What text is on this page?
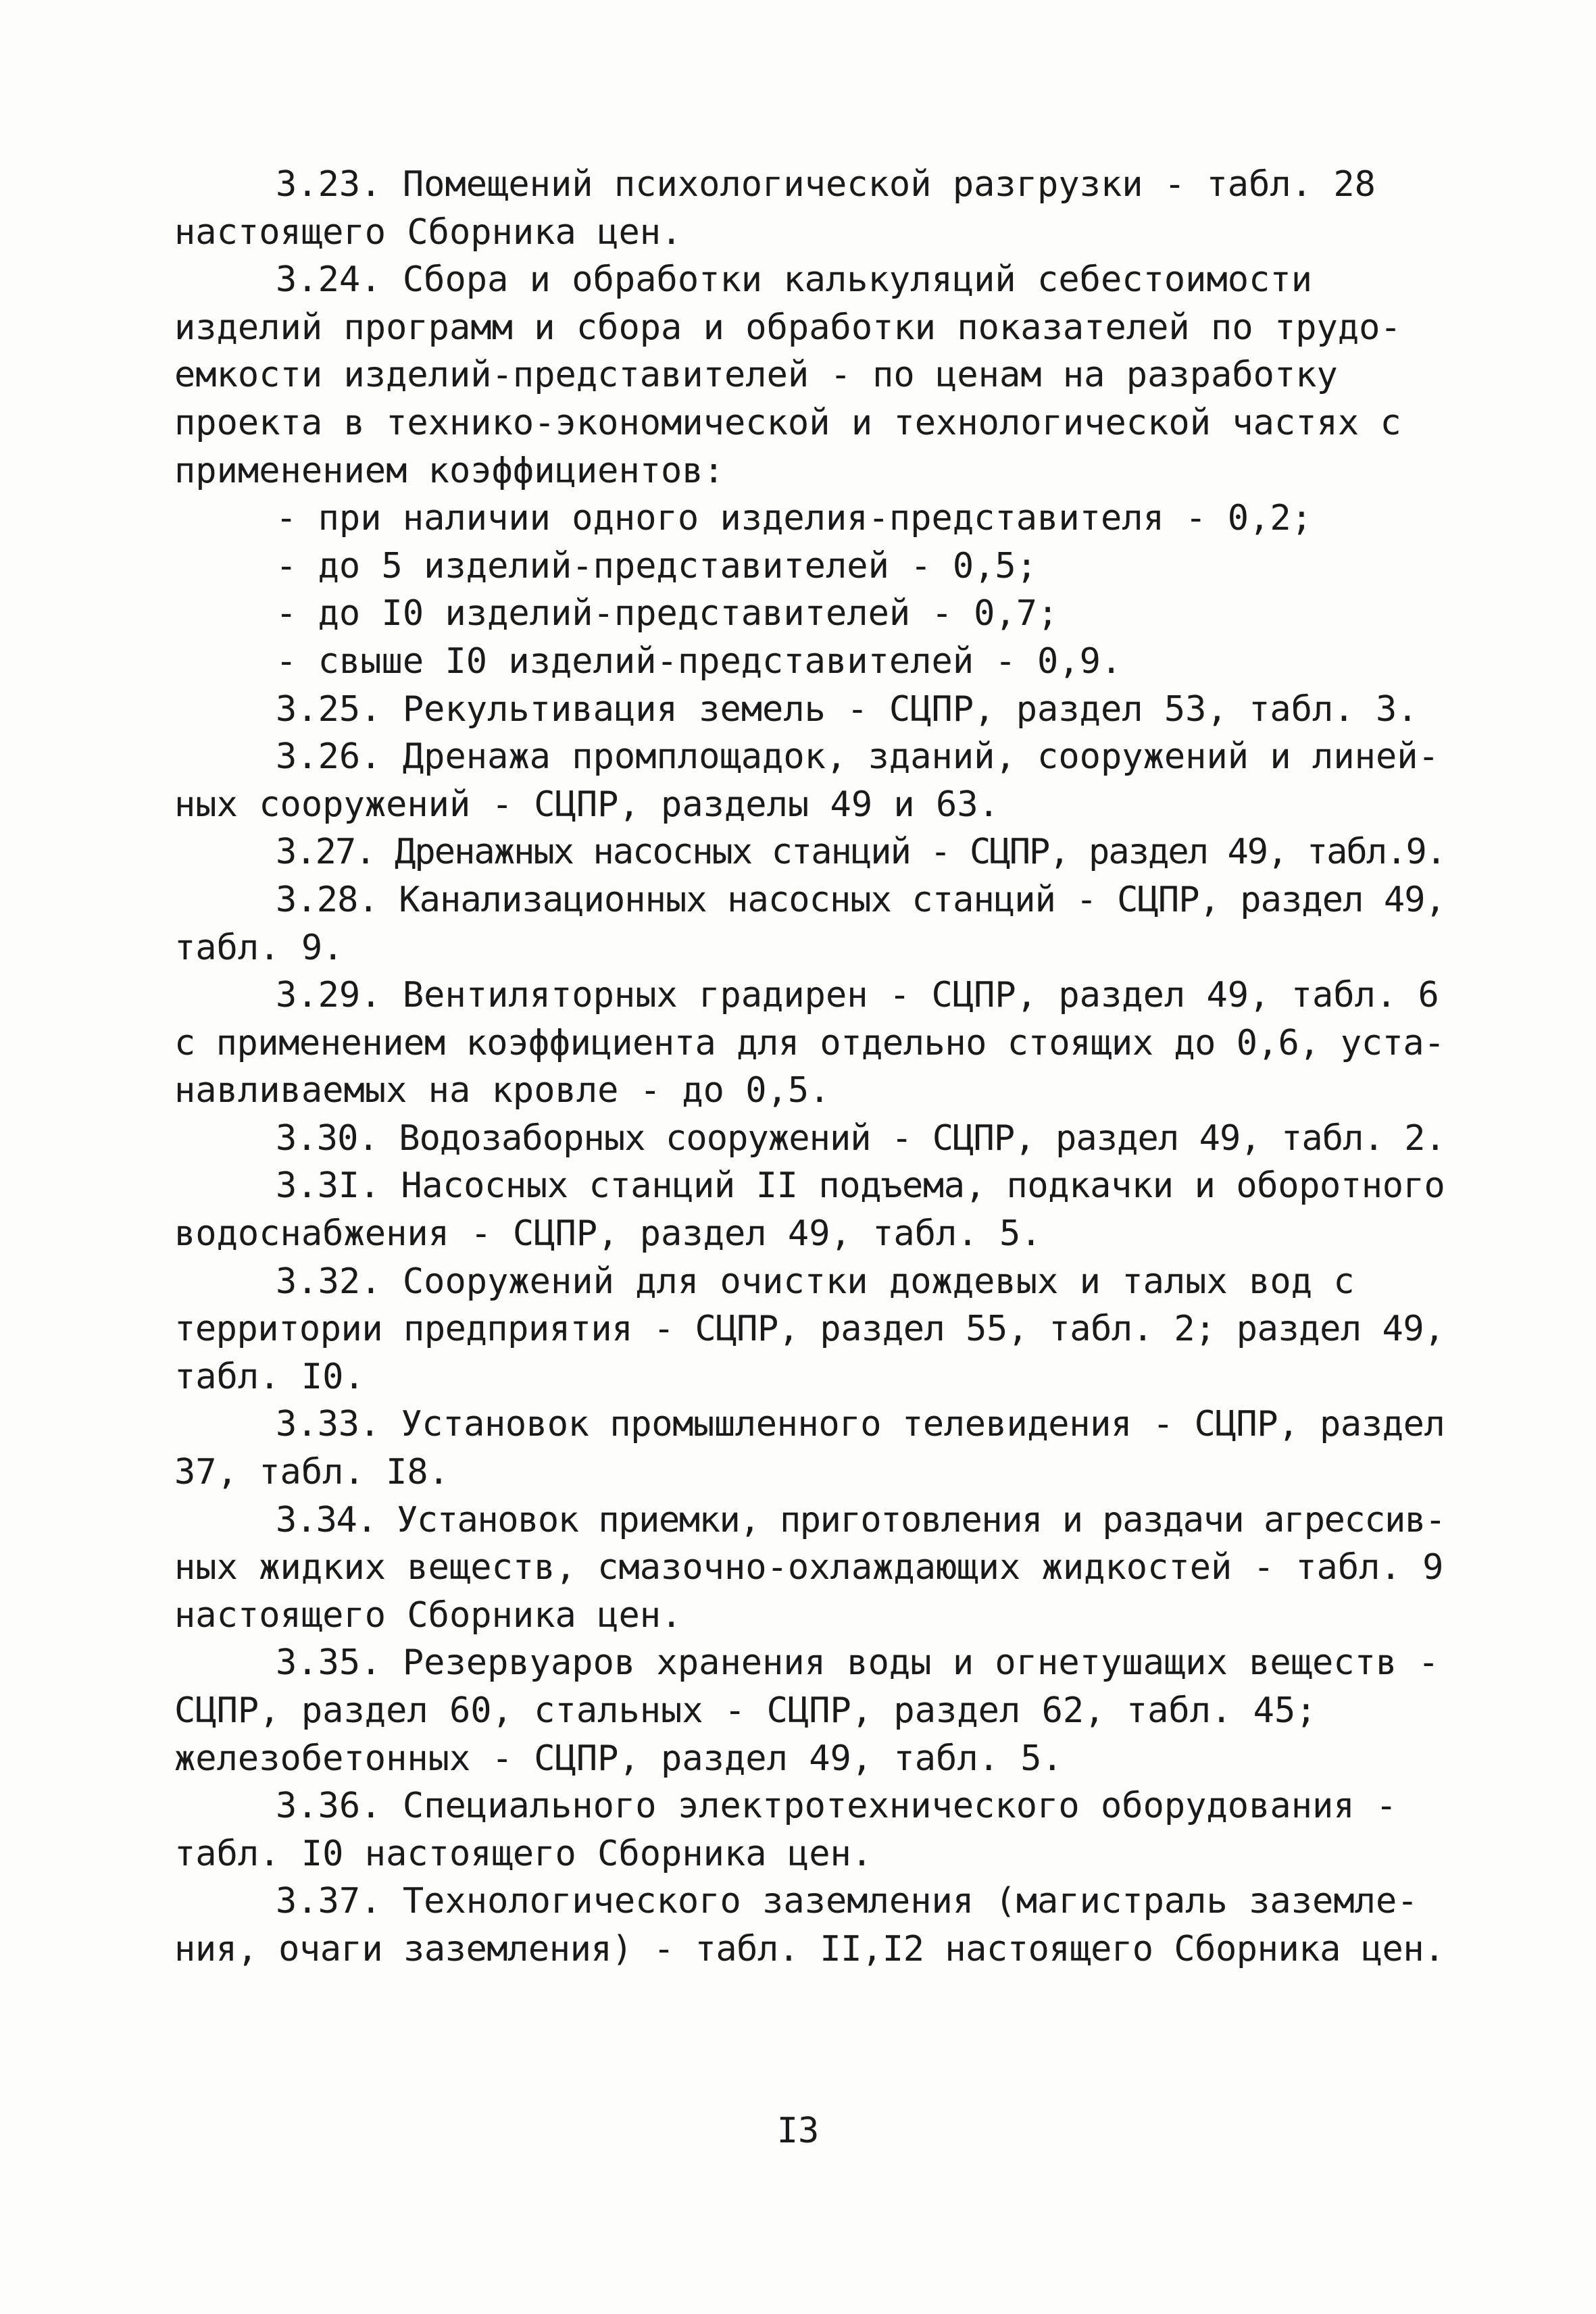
3.23. Помещений психологической разгрузки - табл. 28
настоящего Сборника цен.
3.24. Сбора и обработки калькуляций себестоимости
изделий программ и сбора и обработки показателей по трудо-
емкости изделий-представителей - по ценам на разработку
проекта в технико-экономической и технологической частях с
применением коэффициентов:
- при наличии одного изделия-представителя - 0,2;
- до 5 изделий-представителей - 0,5;
- до I0 изделий-представителей - 0,7;
- свыше I0 изделий-представителей - 0,9.
3.25. Рекультивация земель - СЦПР, раздел 53, табл. 3.
3.26. Дренажа промплощадок, зданий, сооружений и линей-
ных сооружений - СЦПР, разделы 49 и 63.
3.27. Дренажных насосных станций - СЦПР, раздел 49, табл.9.
3.28. Канализационных насосных станций - СЦПР, раздел 49,
табл. 9.
3.29. Вентиляторных градирен - СЦПР, раздел 49, табл. 6
с применением коэффициента для отдельно стоящих до 0,6, уста-
навливаемых на кровле - до 0,5.
3.30. Водозаборных сооружений - СЦПР, раздел 49, табл. 2.
3.3I. Насосных станций II подъема, подкачки и оборотного
водоснабжения - СЦПР, раздел 49, табл. 5.
3.32. Сооружений для очистки дождевых и талых вод с
территории предприятия - СЦПР, раздел 55, табл. 2; раздел 49,
табл. I0.
3.33. Установок промышленного телевидения - СЦПР, раздел
37, табл. I8.
3.34. Установок приемки, приготовления и раздачи агрессив-
ных жидких веществ, смазочно-охлаждающих жидкостей - табл. 9
настоящего Сборника цен.
3.35. Резервуаров хранения воды и огнетушащих веществ -
СЦПР, раздел 60, стальных - СЦПР, раздел 62, табл. 45;
железобетонных - СЦПР, раздел 49, табл. 5.
3.36. Специального электротехнического оборудования -
табл. I0 настоящего Сборника цен.
3.37. Технологического заземления (магистраль заземле-
ния, очаги заземления) - табл. II,I2 настоящего Сборника цен.
I3
